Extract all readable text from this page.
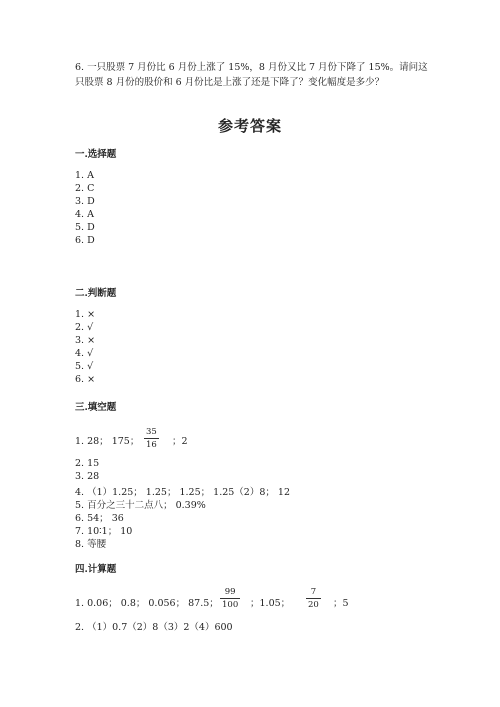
6. 一只股票 7 月份比 6 月份上涨了 15%，8 月份又比 7 月份下降了 15%。请问这
只股票 8 月份的股价和 6 月份比是上涨了还是下降了？变化幅度是多少？
参考答案
一.选择题
1. A
2. C
3. D
4. A
5. D
6. D
二.判断题
1. ×
2. √
3. ×
4. √
5. √
6. ×
三.填空题
1. 28； 175；
35
16 ；2
2. 15
3. 28
4. （1）1.25； 1.25； 1.25； 1.25（2）8； 12
5. 百分之三十二点八； 0.39%
6. 54； 36
7. 10∶1； 10
8. 等腰
四.计算题
1. 0.06； 0.8； 0.056； 87.5；
99
100 ；1.05；
7
20 ；5
2. （1）0.7（2）8（3）2（4）600
